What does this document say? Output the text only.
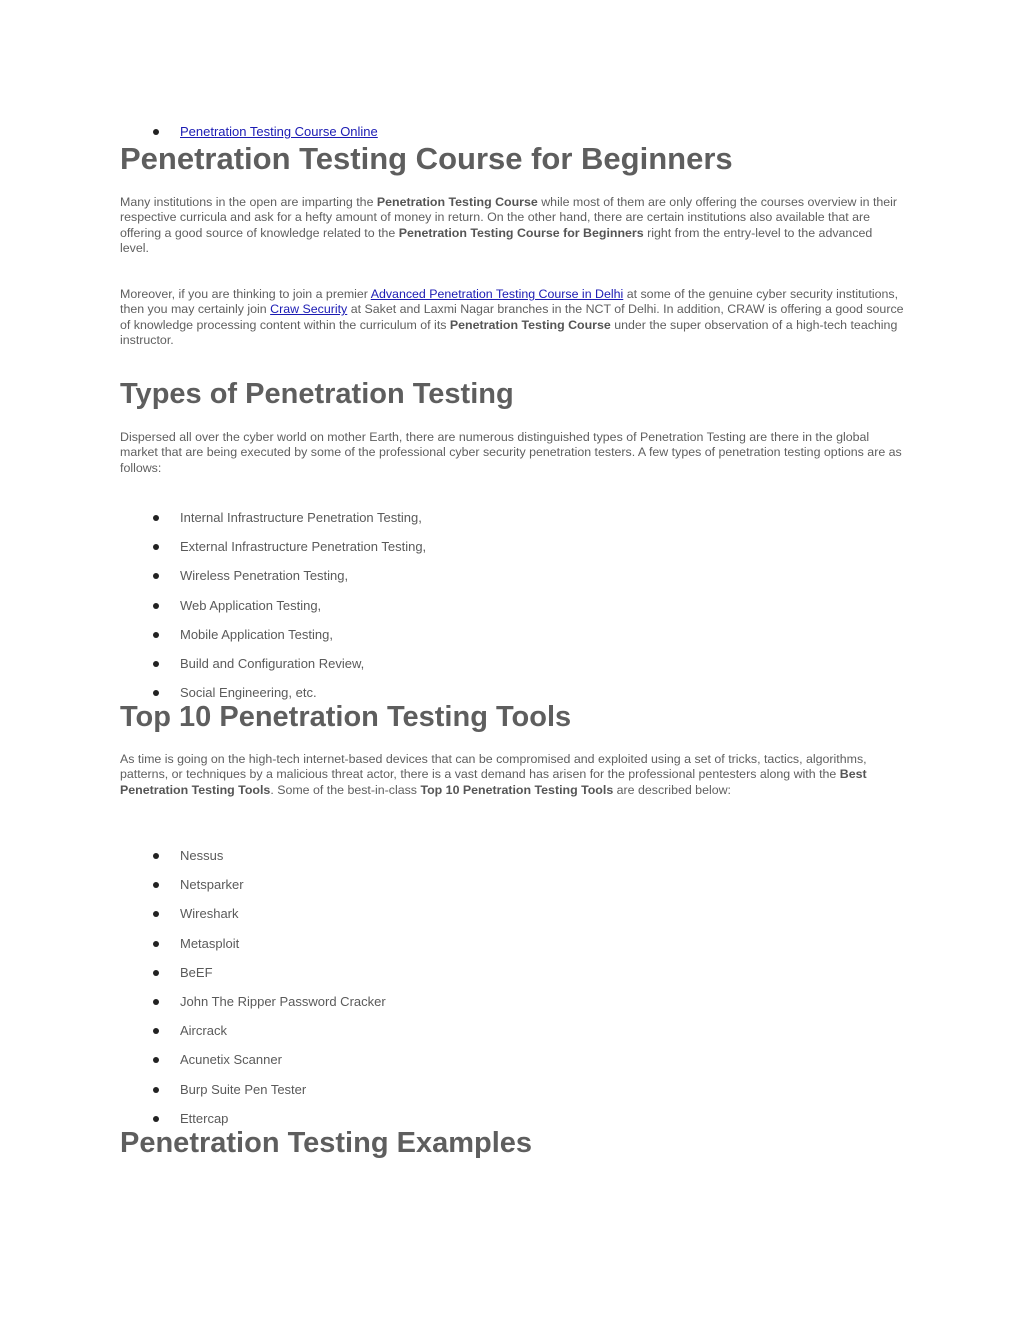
Penetration Testing Course Online
Penetration Testing Course for Beginners

Many institutions in the open are imparting the Penetration Testing Course while most of them are only offering the courses overview in their respective curricula and ask for a hefty amount of money in return. On the other hand, there are certain institutions also available that are offering a good source of knowledge related to the Penetration Testing Course for Beginners right from the entry-level to the advanced level.

Moreover, if you are thinking to join a premier Advanced Penetration Testing Course in Delhi at some of the genuine cyber security institutions, then you may certainly join Craw Security at Saket and Laxmi Nagar branches in the NCT of Delhi. In addition, CRAW is offering a good source of knowledge processing content within the curriculum of its Penetration Testing Course under the super observation of a high-tech teaching instructor.

Types of Penetration Testing

Dispersed all over the cyber world on mother Earth, there are numerous distinguished types of Penetration Testing are there in the global market that are being executed by some of the professional cyber security penetration testers. A few types of penetration testing options are as follows:

Internal Infrastructure Penetration Testing,
External Infrastructure Penetration Testing,
Wireless Penetration Testing,
Web Application Testing,
Mobile Application Testing,
Build and Configuration Review,
Social Engineering, etc.
Top 10 Penetration Testing Tools

As time is going on the high-tech internet-based devices that can be compromised and exploited using a set of tricks, tactics, algorithms, patterns, or techniques by a malicious threat actor, there is a vast demand has arisen for the professional pentesters along with the Best Penetration Testing Tools. Some of the best-in-class Top 10 Penetration Testing Tools are described below:

Nessus
Netsparker
Wireshark
Metasploit
BeEF
John The Ripper Password Cracker
Aircrack
Acunetix Scanner
Burp Suite Pen Tester
Ettercap
Penetration Testing Examples
